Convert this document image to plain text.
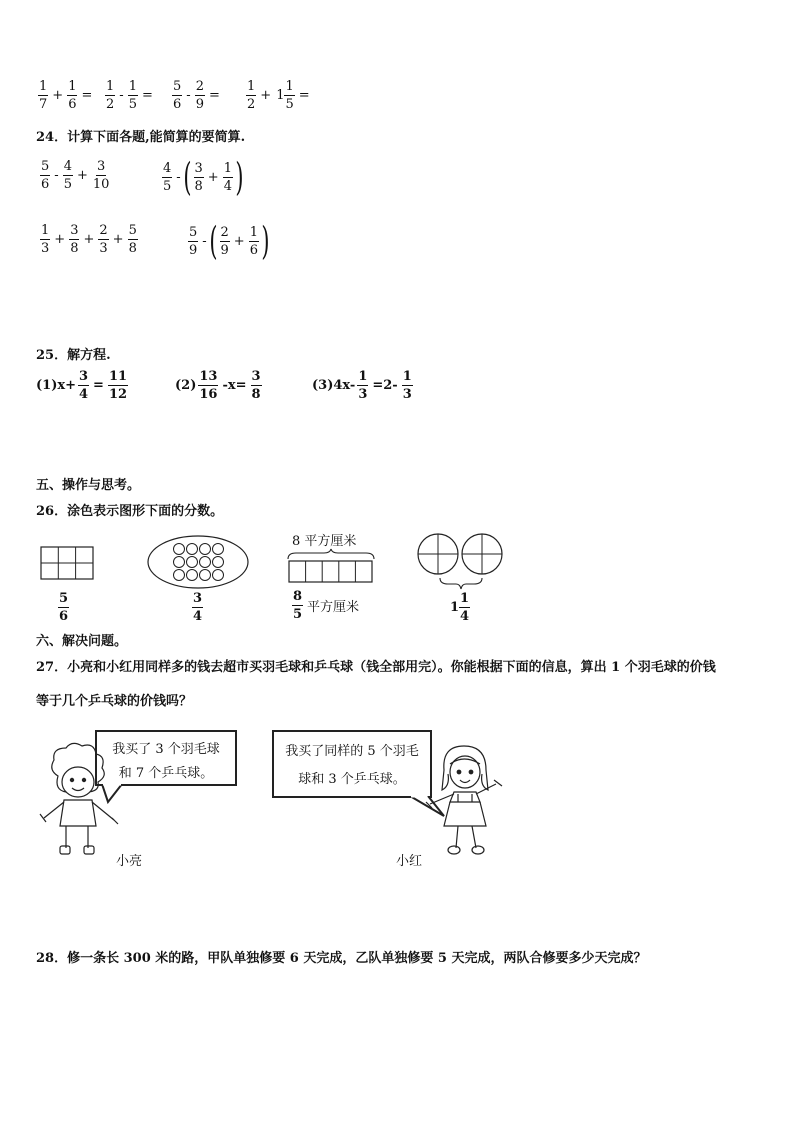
$\frac{1}{7} + \frac{1}{6} = \frac{1}{2} - \frac{1}{5} = \frac{5}{6} - \frac{2}{9} = \frac{1}{2} + 1 \frac{1}{5}$ =
24．计算下面各题,能简算的要简算.
$\frac{5}{6} - \frac{4}{5} + \frac{3}{10}$	$\frac{4}{5}$ - ( $\frac{3}{8} + \frac{1}{4}$ )
$\frac{1}{3} + \frac{3}{8} + \frac{2}{3} + \frac{5}{8}$	$\frac{5}{9}$ - ( $\frac{2}{9} + \frac{1}{6}$ )
25．解方程.
$(1)x+ \frac{3}{4} = \frac{11}{12}$	$(2) \frac{13}{16} -x= \frac{3}{8}$	$(3)4x- \frac{1}{3} =2- \frac{1}{3}$
五、操作与思考。
26．涂色表示图形下面的分数。
$\frac{5}{6}$	$\frac{3}{4}$
8 平方厘米
$\frac{8}{5}$ 平方厘米	$1 \frac{1}{4}$
六、解决问题。
27．小亮和小红用同样多的钱去超市买羽毛球和乒乓球（钱全部用完）。你能根据下面的信息，算出 1 个羽毛球的价钱
等于几个乒乓球的价钱吗？
我买了 3 个羽毛球
和 7 个乒乓球。
小亮
我买了同样的 5 个羽毛
球和 3 个乒乓球。
小红
28．修一条长 300 米的路，甲队单独修要 6 天完成，乙队单独修要 5 天完成，两队合修要多少天完成？
